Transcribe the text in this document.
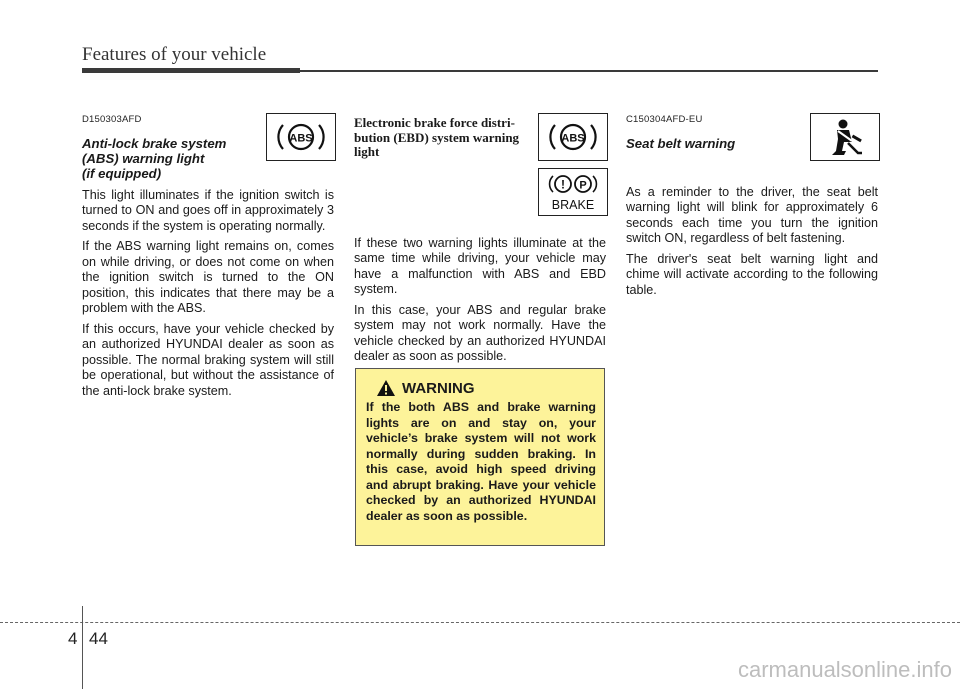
Features of your vehicle
D150303AFD
Anti-lock brake system
(ABS) warning light
(if equipped)

This light illuminates if the ignition switch is turned to ON and goes off in approximately 3 seconds if the system is operating normally.

If the ABS warning light remains on, comes on while driving, or does not come on when the ignition switch is turned to the ON position, this indicates that there may be a problem with the ABS.

If this occurs, have your vehicle checked by an authorized HYUNDAI dealer as soon as possible. The normal braking system will still be operational, but without the assistance of the anti-lock brake system.

ABS
Electronic brake force distri-
bution (EBD) system warning
light

If these two warning lights illuminate at the same time while driving, your vehicle may have a malfunction with ABS and EBD system.

In this case, your ABS and regular brake system may not work normally. Have the vehicle checked by an authorized HYUNDAI dealer as soon as possible.

ABS
! P
BRAKE
WARNING
If the both ABS and brake warning lights are on and stay on, your vehicle’s brake system will not work normally during sudden braking. In this case, avoid high speed driving and abrupt braking. Have your vehicle checked by an authorized HYUNDAI dealer as soon as possible.
C150304AFD-EU
Seat belt warning

As a reminder to the driver, the seat belt warning light will blink for approximately 6 seconds each time you turn the ignition switch ON, regardless of belt fastening.

The driver's seat belt warning light and chime will activate according to the following table.

4 44
carmanualsonline.info
